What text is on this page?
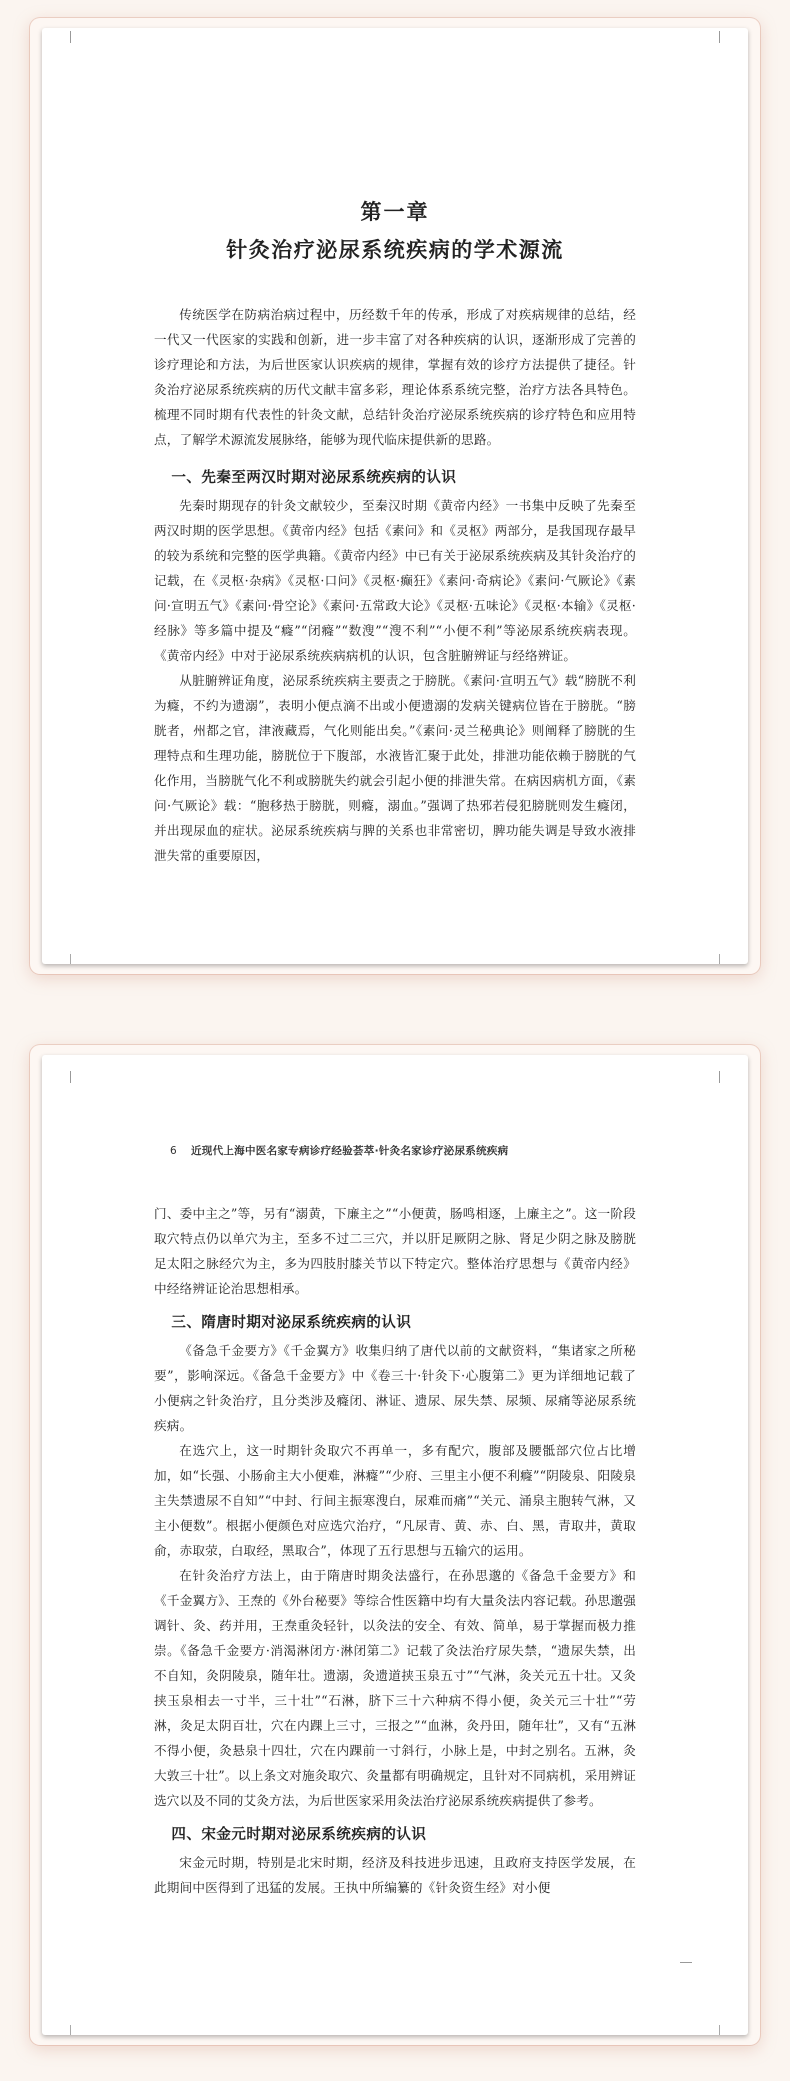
第一章
针灸治疗泌尿系统疾病的学术源流

传统医学在防病治病过程中，历经数千年的传承，形成了对疾病规律的总结，经一代又一代医家的实践和创新，进一步丰富了对各种疾病的认识，逐渐形成了完善的诊疗理论和方法，为后世医家认识疾病的规律，掌握有效的诊疗方法提供了捷径。针灸治疗泌尿系统疾病的历代文献丰富多彩，理论体系系统完整，治疗方法各具特色。梳理不同时期有代表性的针灸文献，总结针灸治疗泌尿系统疾病的诊疗特色和应用特点，了解学术源流发展脉络，能够为现代临床提供新的思路。

一、先秦至两汉时期对泌尿系统疾病的认识

先秦时期现存的针灸文献较少，至秦汉时期《黄帝内经》一书集中反映了先秦至两汉时期的医学思想。《黄帝内经》包括《素问》和《灵枢》两部分，是我国现存最早的较为系统和完整的医学典籍。《黄帝内经》中已有关于泌尿系统疾病及其针灸治疗的记载，在《灵枢·杂病》《灵枢·口问》《灵枢·癫狂》《素问·奇病论》《素问·气厥论》《素问·宣明五气》《素问·骨空论》《素问·五常政大论》《灵枢·五味论》《灵枢·本输》《灵枢·经脉》等多篇中提及“癃”“闭癃”“数溲”“溲不利”“小便不利”等泌尿系统疾病表现。《黄帝内经》中对于泌尿系统疾病病机的认识，包含脏腑辨证与经络辨证。

从脏腑辨证角度，泌尿系统疾病主要责之于膀胱。《素问·宣明五气》载“膀胱不利为癃，不约为遗溺”，表明小便点滴不出或小便遗溺的发病关键病位皆在于膀胱。“膀胱者，州都之官，津液藏焉，气化则能出矣。”《素问·灵兰秘典论》则阐释了膀胱的生理特点和生理功能，膀胱位于下腹部，水液皆汇聚于此处，排泄功能依赖于膀胱的气化作用，当膀胱气化不利或膀胱失约就会引起小便的排泄失常。在病因病机方面，《素问·气厥论》载：“胞移热于膀胱，则癃，溺血。”强调了热邪若侵犯膀胱则发生癃闭，并出现尿血的症状。泌尿系统疾病与脾的关系也非常密切，脾功能失调是导致水液排泄失常的重要原因，

6 近现代上海中医名家专病诊疗经验荟萃·针灸名家诊疗泌尿系统疾病

门、委中主之”等，另有“溺黄，下廉主之”“小便黄，肠鸣相逐，上廉主之”。这一阶段取穴特点仍以单穴为主，至多不过二三穴，并以肝足厥阴之脉、肾足少阴之脉及膀胱足太阳之脉经穴为主，多为四肢肘膝关节以下特定穴。整体治疗思想与《黄帝内经》中经络辨证论治思想相承。

三、隋唐时期对泌尿系统疾病的认识

《备急千金要方》《千金翼方》收集归纳了唐代以前的文献资料，“集诸家之所秘要”，影响深远。《备急千金要方》中《卷三十·针灸下·心腹第二》更为详细地记载了小便病之针灸治疗，且分类涉及癃闭、淋证、遗尿、尿失禁、尿频、尿痛等泌尿系统疾病。

在选穴上，这一时期针灸取穴不再单一，多有配穴，腹部及腰骶部穴位占比增加，如“长强、小肠俞主大小便难，淋癃”“少府、三里主小便不利癃”“阴陵泉、阳陵泉主失禁遗尿不自知”“中封、行间主振寒溲白，尿难而痛”“关元、涌泉主胞转气淋，又主小便数”。根据小便颜色对应选穴治疗，“凡尿青、黄、赤、白、黑，青取井，黄取俞，赤取荥，白取经，黑取合”，体现了五行思想与五输穴的运用。

在针灸治疗方法上，由于隋唐时期灸法盛行，在孙思邈的《备急千金要方》和《千金翼方》、王焘的《外台秘要》等综合性医籍中均有大量灸法内容记载。孙思邈强调针、灸、药并用，王焘重灸轻针，以灸法的安全、有效、简单，易于掌握而极力推崇。《备急千金要方·消渴淋闭方·淋闭第二》记载了灸法治疗尿失禁，“遗尿失禁，出不自知，灸阴陵泉，随年壮。遗溺，灸遗道挟玉泉五寸”“气淋，灸关元五十壮。又灸挟玉泉相去一寸半，三十壮”“石淋，脐下三十六种病不得小便，灸关元三十壮”“劳淋，灸足太阴百壮，穴在内踝上三寸，三报之”“血淋，灸丹田，随年壮”，又有“五淋不得小便，灸悬泉十四壮，穴在内踝前一寸斜行，小脉上是，中封之别名。五淋，灸大敦三十壮”。以上条文对施灸取穴、灸量都有明确规定，且针对不同病机，采用辨证选穴以及不同的艾灸方法，为后世医家采用灸法治疗泌尿系统疾病提供了参考。

四、宋金元时期对泌尿系统疾病的认识

宋金元时期，特别是北宋时期，经济及科技进步迅速，且政府支持医学发展，在此期间中医得到了迅猛的发展。王执中所编纂的《针灸资生经》对小便
